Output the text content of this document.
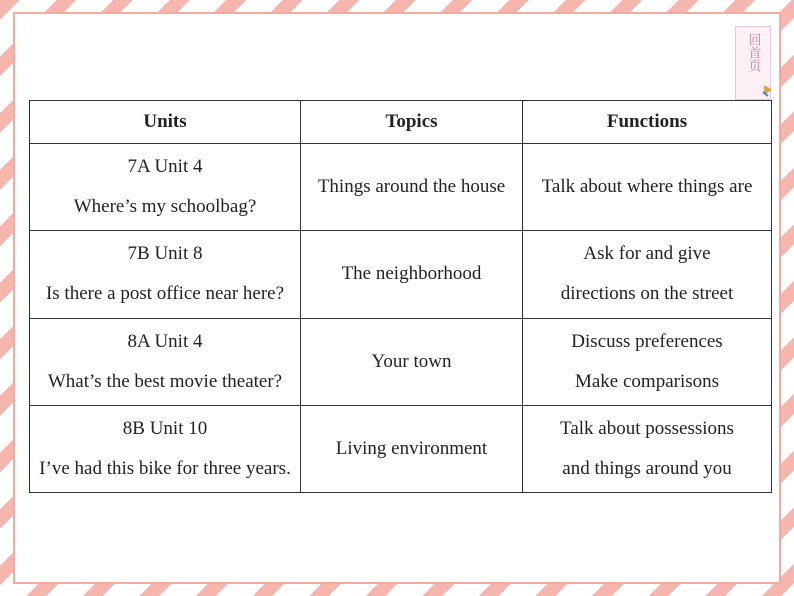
回首页
Units	Topics	Functions

7A Unit 4
Where’s my schoolbag?	Things around the house	Talk about where things are

7B Unit 8
Is there a post office near here?	The neighborhood	Ask for and give
directions on the street

8A Unit 4
What’s the best movie theater?	Your town	Discuss preferences
Make comparisons

8B Unit 10
I’ve had this bike for three years.	Living environment	Talk about possessions
and things around you
